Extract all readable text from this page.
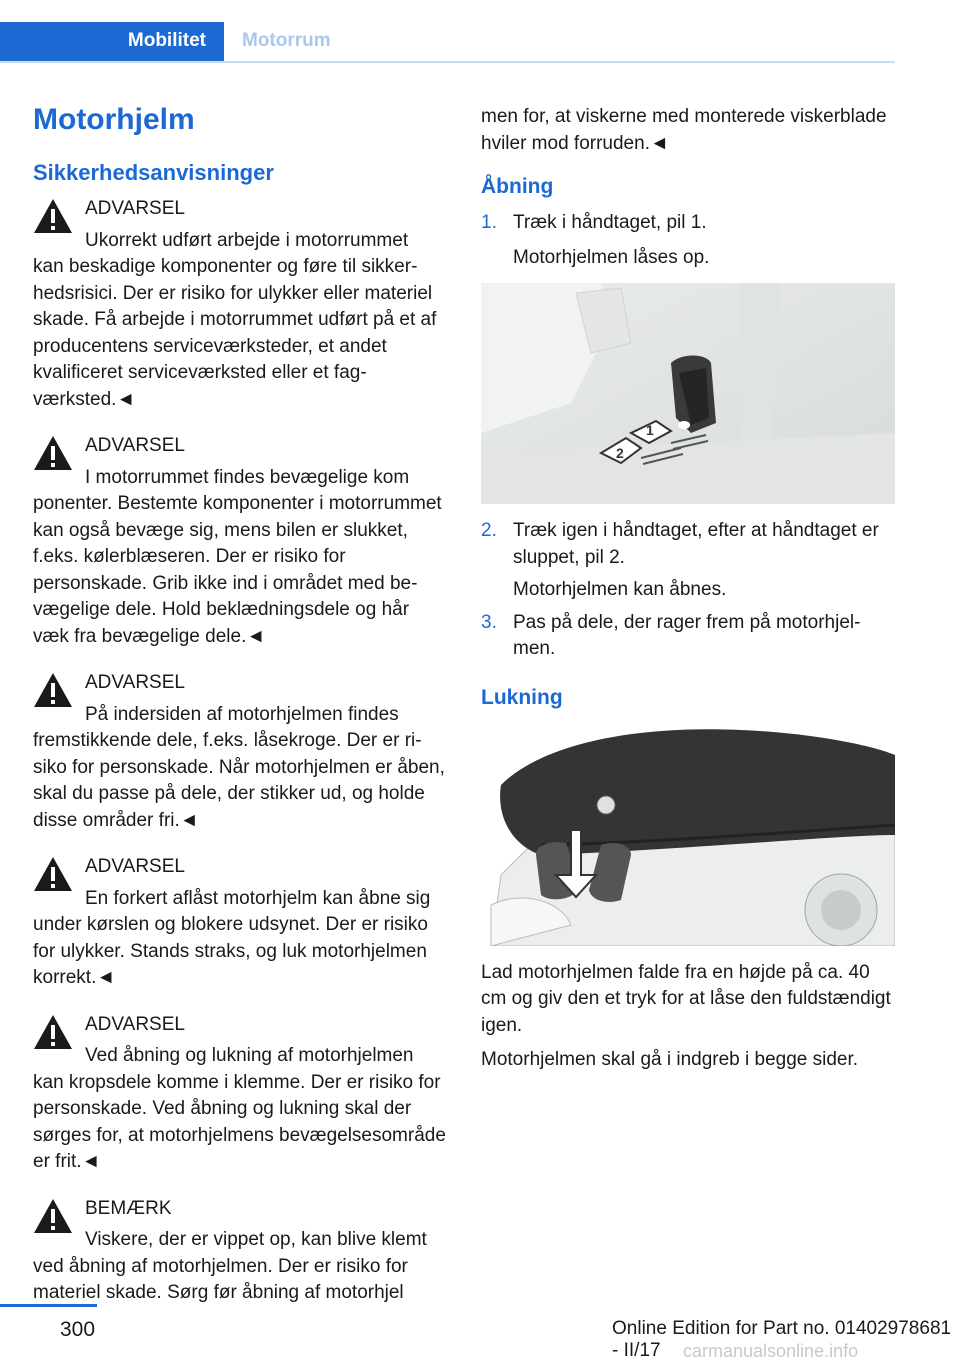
Mobilitet Motorrum
Motorhjelm
Sikkerhedsanvisninger
ADVARSEL
Ukorrekt udført arbejde i motorrummet
kan beskadige komponenter og føre til sikkerhedsrisici. Der er risiko for ulykker eller materiel skade. Få arbejde i motorrummet udført på et af producentens serviceværksteder, et andet kvalificeret serviceværksted eller et fagværksted.◄
ADVARSEL
I motorrummet findes bevægelige kom
ponenter. Bestemte komponenter i motorrummet kan også bevæge sig, mens bilen er slukket, f.eks. kølerblæseren. Der er risiko for personskade. Grib ikke ind i området med bevægelige dele. Hold beklædningsdele og hår væk fra bevægelige dele.◄
ADVARSEL
På indersiden af motorhjelmen findes
fremstikkende dele, f.eks. låsekroge. Der er risiko for personskade. Når motorhjelmen er åben, skal du passe på dele, der stikker ud, og holde disse områder fri.◄
ADVARSEL
En forkert aflåst motorhjelm kan åbne sig
under kørslen og blokere udsynet. Der er risiko for ulykker. Stands straks, og luk motorhjelmen korrekt.◄
ADVARSEL
Ved åbning og lukning af motorhjelmen
kan kropsdele komme i klemme. Der er risiko for personskade. Ved åbning og lukning skal der sørges for, at motorhjelmens bevægelsesområde er frit.◄
BEMÆRK
Viskere, der er vippet op, kan blive klemt
ved åbning af motorhjelmen. Der er risiko for materiel skade. Sørg før åbning af motorhjel

men for, at viskerne med monterede viskerblade hviler mod forruden.◄

Åbning
1. Træk i håndtaget, pil 1.

Motorhjelmen låses op.

1
2
2. Træk igen i håndtaget, efter at håndtaget er sluppet, pil 2.

Motorhjelmen kan åbnes.

3. Pas på dele, der rager frem på motorhjelmen.
Lukning

Lad motorhjelmen falde fra en højde på ca. 40 cm og giv den et tryk for at låse den fuldstændigt igen.

Motorhjelmen skal gå i indgreb i begge sider.

300	Online Edition for Part no. 01402978681 - II/17	carmanualsonline.info
